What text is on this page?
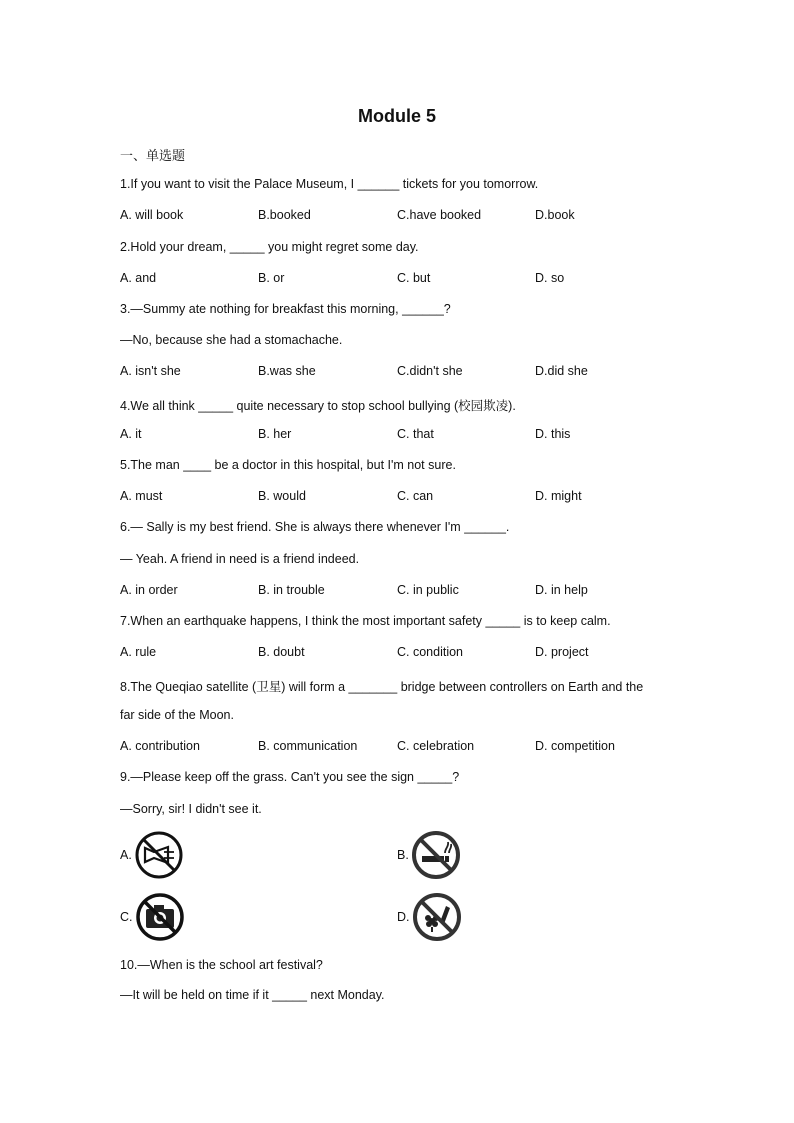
Module 5
一、单选题
1.If you want to visit the Palace Museum, I ______ tickets for you tomorrow.
A. will book	B.booked	C.have booked	D.book
2.Hold your dream, _____ you might regret some day.
A. and	B. or	C. but	D. so
3.—Summy ate nothing for breakfast this morning, ______?
—No, because she had a stomachache.
A. isn't she	B.was she	C.didn't she	D.did she
4.We all think _____ quite necessary to stop school bullying (校园欺凌).
A. it	B. her	C. that	D. this
5.The man ____ be a doctor in this hospital, but I'm not sure.
A. must	B. would	C. can	D. might
6.— Sally is my best friend. She is always there whenever I'm ______.
— Yeah. A friend in need is a friend indeed.
A. in order	B. in trouble	C. in public	D. in help
7.When an earthquake happens, I think the most important safety _____ is to keep calm.
A. rule	B. doubt	C. condition	D. project
8.The Queqiao satellite (卫星) will form a _______ bridge between controllers on Earth and the
far side of the Moon.
A. contribution	B. communication	C. celebration	D. competition
9.—Please keep off the grass. Can't you see the sign _____?
—Sorry, sir! I didn't see it.
A.	B.
C.	D.
10.—When is the school art festival?
—It will be held on time if it _____ next Monday.
